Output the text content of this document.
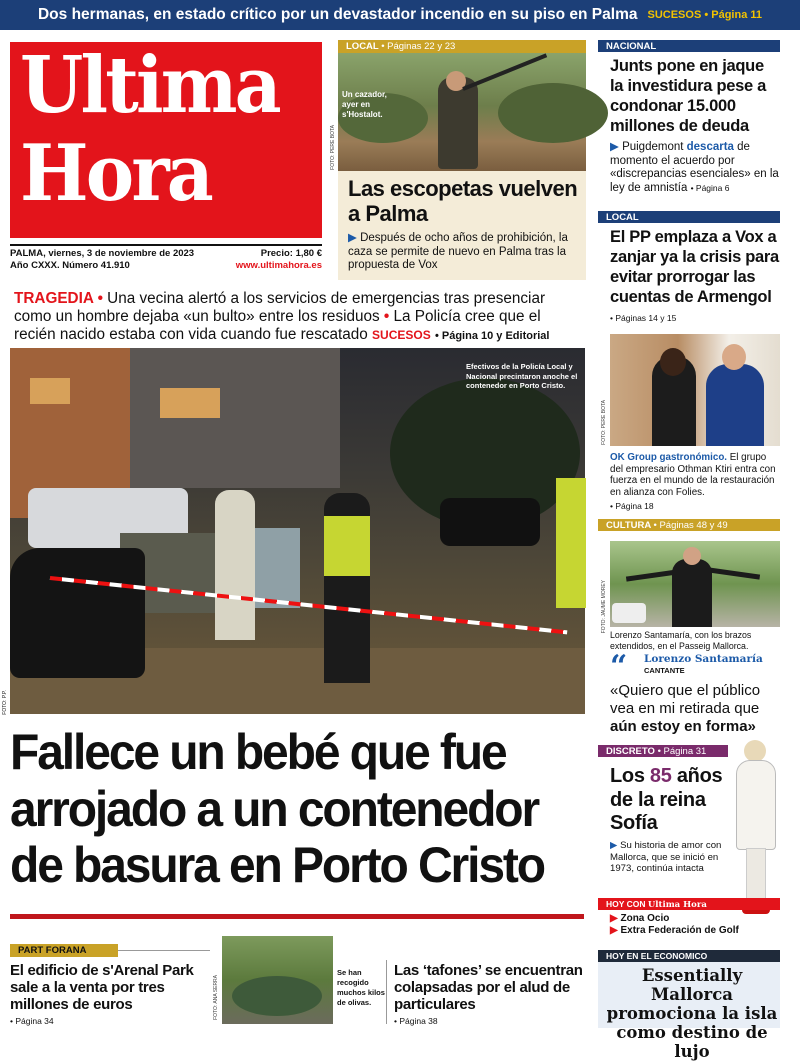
Dos hermanas, en estado crítico por un devastador incendio en su piso en Palma SUCESOS • Página 11
Ultima
Hora
PALMA, viernes, 3 de noviembre de 2023
Año CXXX. Número 41.910
Precio: 1,80 €
www.ultimahora.es
LOCAL • Páginas 22 y 23
Un cazador, ayer en s'Hostalot.
FOTO: PERE BOTA
Las escopetas vuelven a Palma
▶ Después de ocho años de prohibición, la caza se permite de nuevo en Palma tras la propuesta de Vox
TRAGEDIA • Una vecina alertó a los servicios de emergencias tras presenciar como un hombre dejaba «un bulto» entre los residuos • La Policía cree que el recién nacido estaba con vida cuando fue rescatado SUCESOS • Página 10 y Editorial
Efectivos de la Policía Local y Nacional precintaron anoche el contenedor en Porto Cristo.
FOTO: P.P.
Fallece un bebé que fue arrojado a un contenedor de basura en Porto Cristo
NACIONAL
Junts pone en jaque la investidura pese a condonar 15.000 millones de deuda
▶ Puigdemont descarta de momento el acuerdo por «discrepancias esenciales» en la ley de amnistía • Página 6
LOCAL
El PP emplaza a Vox a zanjar ya la crisis para evitar prorrogar las cuentas de Armengol
• Páginas 14 y 15
FOTO: PERE BOTA
OK Group gastronómico. El grupo del empresario Othman Ktiri entra con fuerza en el mundo de la restauración en alianza con Folies.
• Página 18
CULTURA • Páginas 48 y 49
FOTO: JAUME MOREY
Lorenzo Santamaría, con los brazos extendidos, en el Passeig Mallorca.
“ Lorenzo Santamaría
CANTANTE
«Quiero que el público vea en mi retirada que aún estoy en forma»
DISCRETO • Página 31
Los 85 años de la reina Sofía
▶ Su historia de amor con Mallorca, que se inició en 1973, continúa intacta
HOY CON Ultima Hora
▶ Zona Ocio
▶ Extra Federación de Golf
HOY EN EL ECONOMICO
Essentially Mallorca promociona la isla como destino de lujo
PART FORANA
El edificio de s'Arenal Park sale a la venta por tres millones de euros
• Página 34
FOTO: ANA SERRA
Se han recogido muchos kilos de olivas.
Las ‘tafones’ se encuentran colapsadas por el alud de particulares
• Página 38
